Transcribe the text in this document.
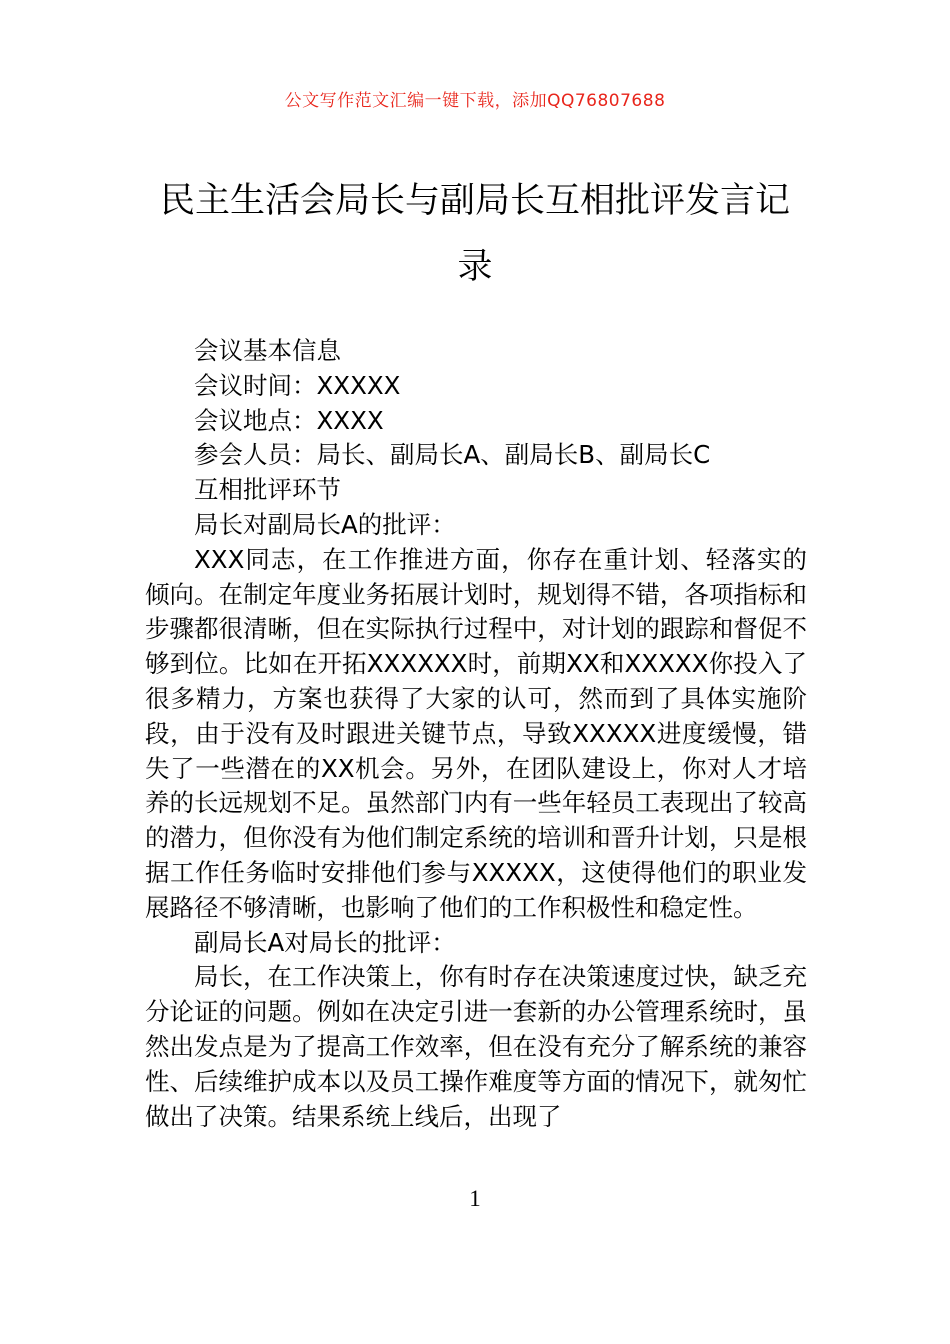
公文写作范文汇编一键下载，添加QQ76807688
民主生活会局长与副局长互相批评发言记录

会议基本信息

会议时间：XXXXX

会议地点：XXXX

参会人员：局长、副局长A、副局长B、副局长C

互相批评环节

局长对副局长A的批评：

XXX同志，在工作推进方面，你存在重计划、轻落实的倾向。在制定年度业务拓展计划时，规划得不错，各项指标和步骤都很清晰，但在实际执行过程中，对计划的跟踪和督促不够到位。比如在开拓XXXXXX时，前期XX和XXXXX你投入了很多精力，方案也获得了大家的认可，然而到了具体实施阶段，由于没有及时跟进关键节点，导致XXXXX进度缓慢，错失了一些潜在的XX机会。另外，在团队建设上，你对人才培养的长远规划不足。虽然部门内有一些年轻员工表现出了较高的潜力，但你没有为他们制定系统的培训和晋升计划，只是根据工作任务临时安排他们参与XXXXX，这使得他们的职业发展路径不够清晰，也影响了他们的工作积极性和稳定性。

副局长A对局长的批评：

局长，在工作决策上，你有时存在决策速度过快，缺乏充分论证的问题。例如在决定引进一套新的办公管理系统时，虽然出发点是为了提高工作效率，但在没有充分了解系统的兼容性、后续维护成本以及员工操作难度等方面的情况下，就匆忙做出了决策。结果系统上线后，出现了

1
